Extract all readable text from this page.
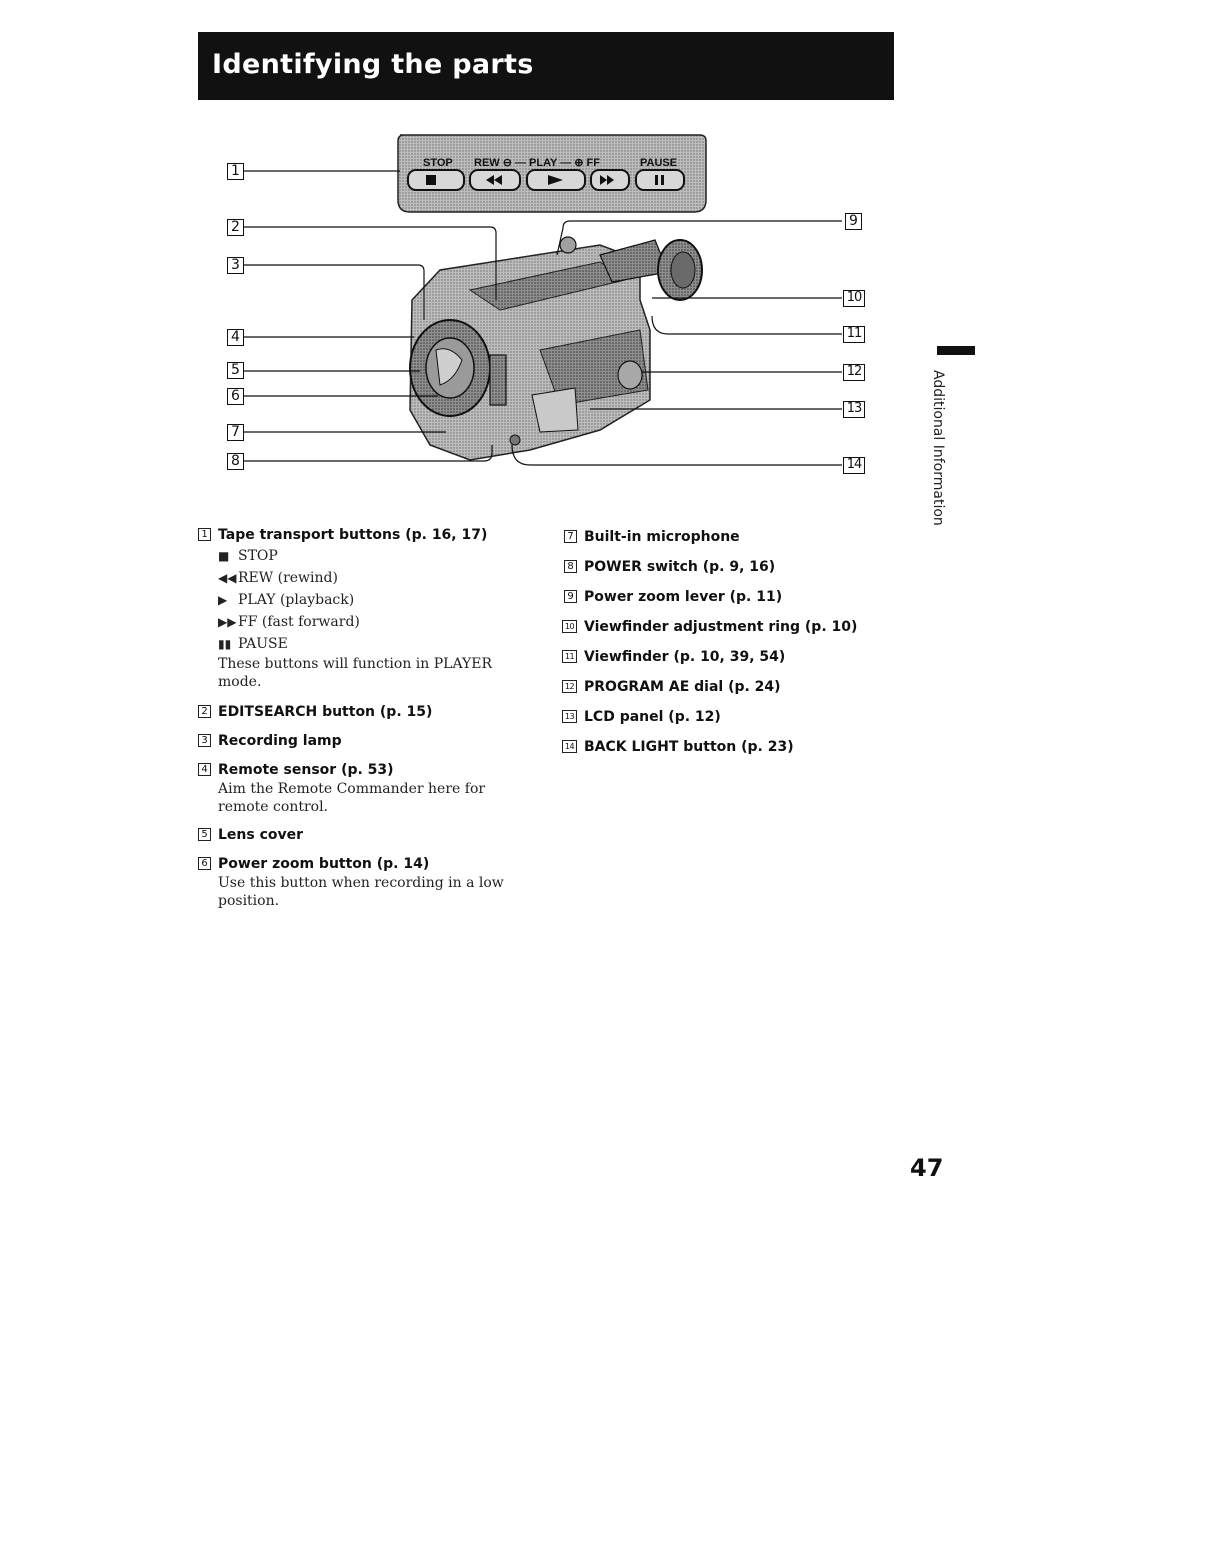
Identifying the parts
STOP REW ⊖ — PLAY — ⊕ FF	PAUSE
1
2
3
4
5
6
7
8
9
10
11
12
13
14
1 Tape transport buttons (p. 16, 17)
■ STOP
◀◀ REW (rewind)
▶ PLAY (playback)
▶▶ FF (fast forward)
▮▮ PAUSE
These buttons will function in PLAYER mode.
2 EDITSEARCH button (p. 15)
3 Recording lamp
4 Remote sensor (p. 53)
Aim the Remote Commander here for remote control.
5 Lens cover
6 Power zoom button (p. 14)
Use this button when recording in a low position.
7 Built-in microphone
8 POWER switch (p. 9, 16)
9 Power zoom lever (p. 11)
10 Viewfinder adjustment ring (p. 10)
11 Viewfinder (p. 10, 39, 54)
12 PROGRAM AE dial (p. 24)
13 LCD panel (p. 12)
14 BACK LIGHT button (p. 23)
Additional Information
47
